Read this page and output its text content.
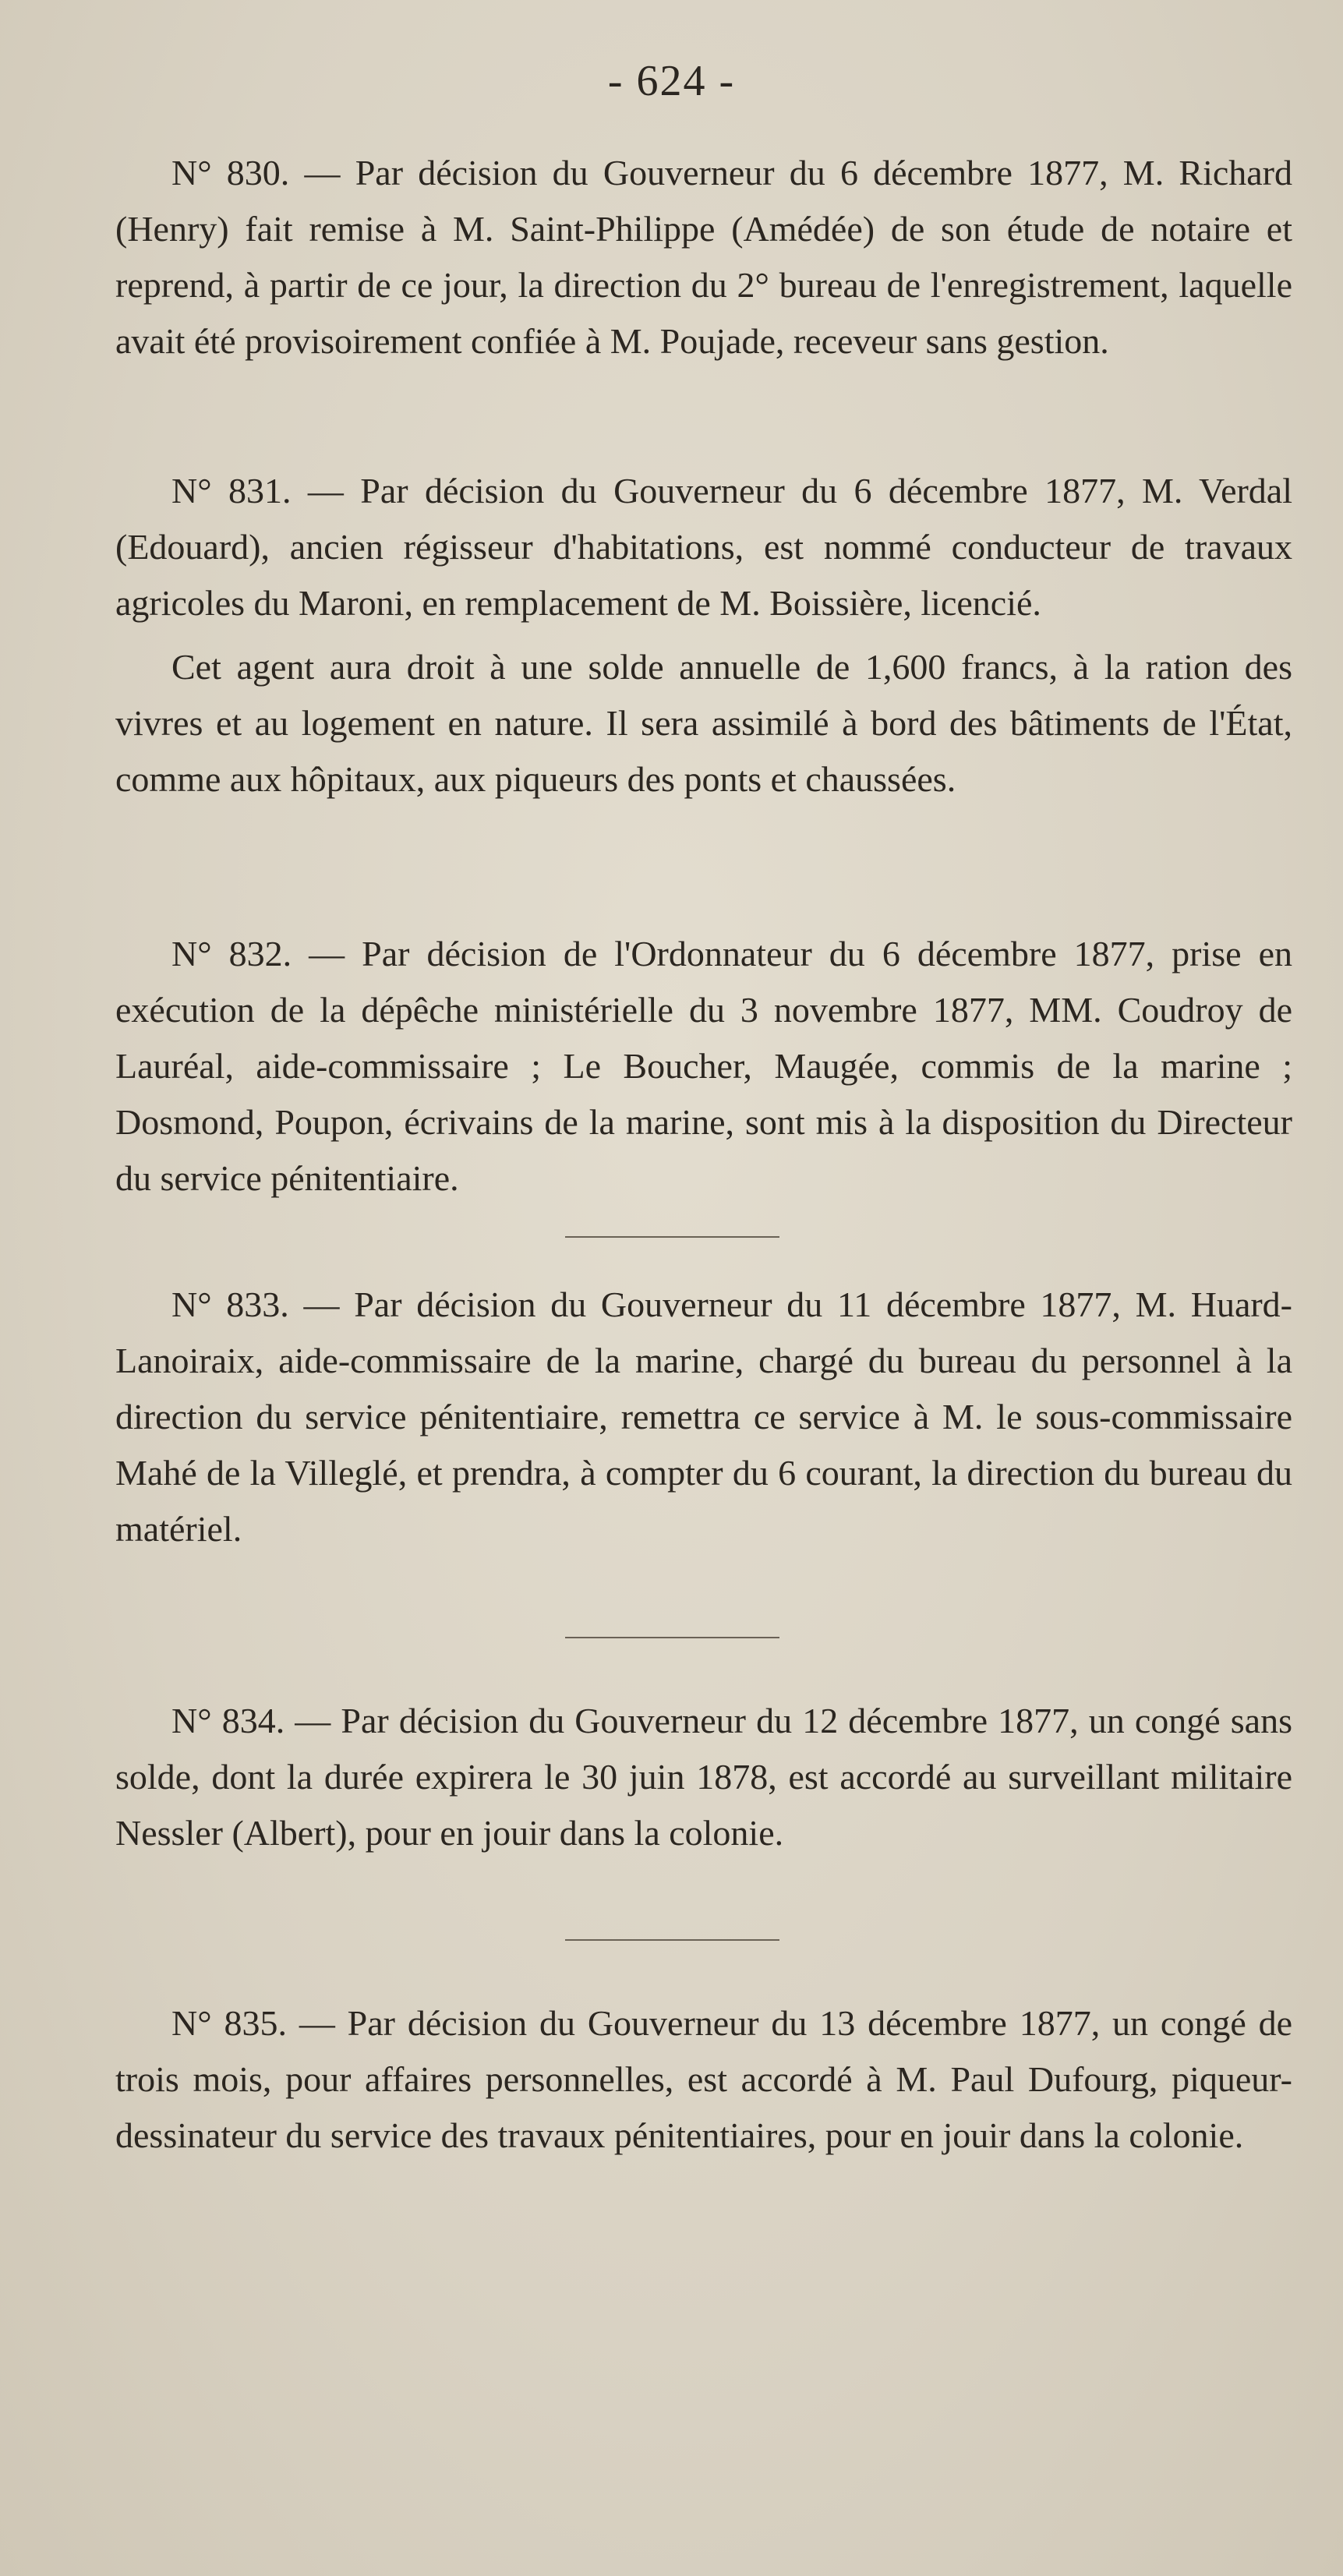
- 624 -

N° 830. — Par décision du Gouverneur du 6 décembre 1877, M. Richard (Henry) fait remise à M. Saint-Philippe (Amédée) de son étude de notaire et reprend, à partir de ce jour, la direction du 2° bureau de l'enregistrement, laquelle avait été provisoirement confiée à M. Poujade, receveur sans gestion.

N° 831. — Par décision du Gouverneur du 6 décembre 1877, M. Verdal (Edouard), ancien régisseur d'habitations, est nommé conducteur de travaux agricoles du Maroni, en remplacement de M. Boissière, licencié.

Cet agent aura droit à une solde annuelle de 1,600 francs, à la ration des vivres et au logement en nature. Il sera assimilé à bord des bâtiments de l'État, comme aux hôpitaux, aux piqueurs des ponts et chaussées.

N° 832. — Par décision de l'Ordonnateur du 6 décembre 1877, prise en exécution de la dépêche ministérielle du 3 novembre 1877, MM. Coudroy de Lauréal, aide-commissaire ; Le Boucher, Maugée, commis de la marine ; Dosmond, Poupon, écrivains de la marine, sont mis à la disposition du Directeur du service pénitentiaire.

N° 833. — Par décision du Gouverneur du 11 décembre 1877, M. Huard-Lanoiraix, aide-commissaire de la marine, chargé du bureau du personnel à la direction du service pénitentiaire, remettra ce service à M. le sous-commissaire Mahé de la Villeglé, et prendra, à compter du 6 courant, la direction du bureau du matériel.

N° 834. — Par décision du Gouverneur du 12 décembre 1877, un congé sans solde, dont la durée expirera le 30 juin 1878, est accordé au surveillant militaire Nessler (Albert), pour en jouir dans la colonie.

N° 835. — Par décision du Gouverneur du 13 décembre 1877, un congé de trois mois, pour affaires personnelles, est accordé à M. Paul Dufourg, piqueur-dessinateur du service des travaux pénitentiaires, pour en jouir dans la colonie.
